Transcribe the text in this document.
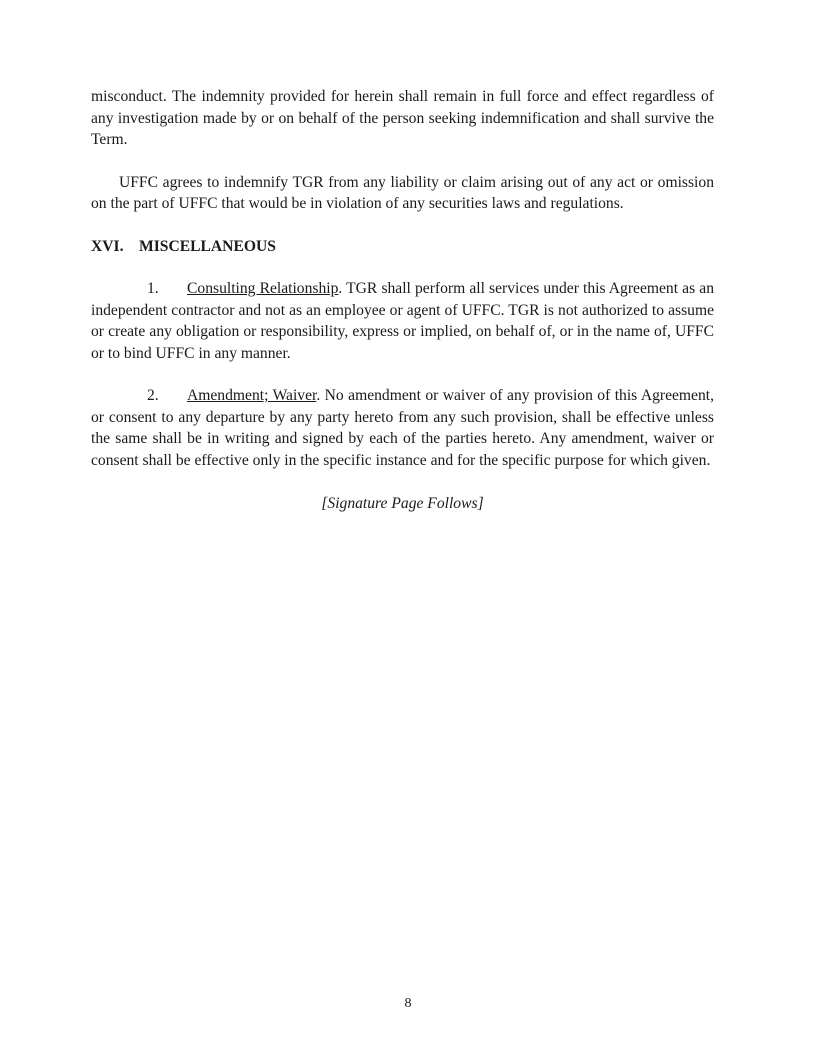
misconduct. The indemnity provided for herein shall remain in full force and effect regardless of any investigation made by or on behalf of the person seeking indemnification and shall survive the Term.

UFFC agrees to indemnify TGR from any liability or claim arising out of any act or omission on the part of UFFC that would be in violation of any securities laws and regulations.

XVI. MISCELLANEOUS

1. Consulting Relationship. TGR shall perform all services under this Agreement as an independent contractor and not as an employee or agent of UFFC. TGR is not authorized to assume or create any obligation or responsibility, express or implied, on behalf of, or in the name of, UFFC or to bind UFFC in any manner.

2. Amendment; Waiver. No amendment or waiver of any provision of this Agreement, or consent to any departure by any party hereto from any such provision, shall be effective unless the same shall be in writing and signed by each of the parties hereto. Any amendment, waiver or consent shall be effective only in the specific instance and for the specific purpose for which given.

[Signature Page Follows]

8
